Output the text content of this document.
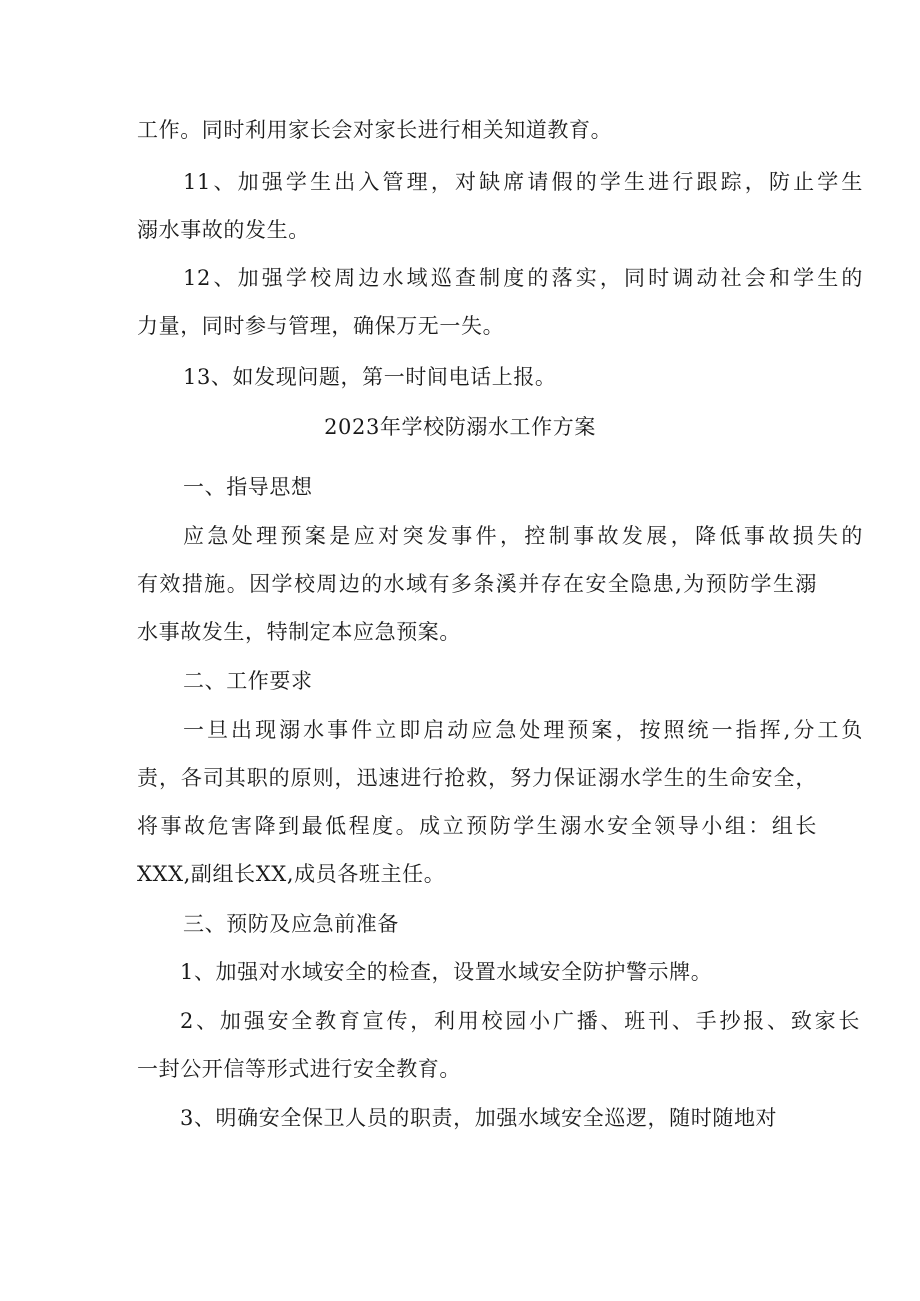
工作。同时利用家长会对家长进行相关知道教育。
11、加强学生出入管理，对缺席请假的学生进行跟踪，防止学生
溺水事故的发生。
12、加强学校周边水域巡查制度的落实，同时调动社会和学生的
力量，同时参与管理，确保万无一失。
13、如发现问题，第一时间电话上报。
2023年学校防溺水工作方案
一、指导思想
应急处理预案是应对突发事件，控制事故发展，降低事故损失的
有效措施。因学校周边的水域有多条溪并存在安全隐患,为预防学生溺
水事故发生，特制定本应急预案。
二、工作要求
一旦出现溺水事件立即启动应急处理预案，按照统一指挥,分工负
责，各司其职的原则，迅速进行抢救，努力保证溺水学生的生命安全，
将事故危害降到最低程度。成立预防学生溺水安全领导小组：组长
XXX,副组长XX,成员各班主任。
三、预防及应急前准备
1、加强对水域安全的检查，设置水域安全防护警示牌。
2、加强安全教育宣传，利用校园小广播、班刊、手抄报、致家长
一封公开信等形式进行安全教育。
3、明确安全保卫人员的职责，加强水域安全巡逻，随时随地对
